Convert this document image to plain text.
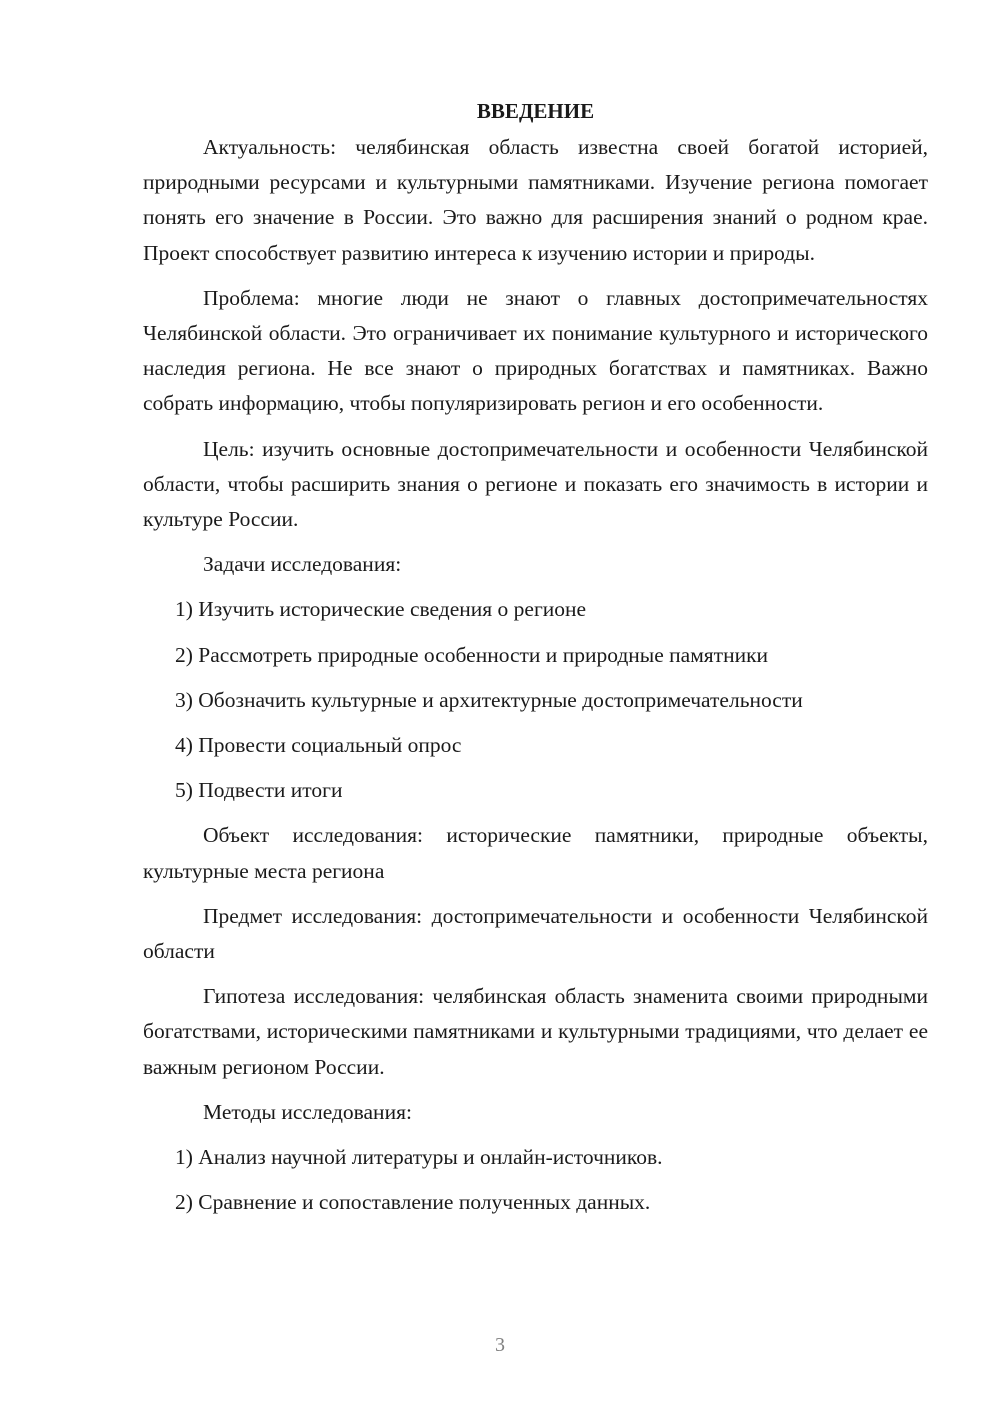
ВВЕДЕНИЕ

Актуальность: челябинская область известна своей богатой историей, природными ресурсами и культурными памятниками. Изучение региона помогает понять его значение в России. Это важно для расширения знаний о родном крае. Проект способствует развитию интереса к изучению истории и природы.

Проблема: многие люди не знают о главных достопримечательностях Челябинской области. Это ограничивает их понимание культурного и исторического наследия региона. Не все знают о природных богатствах и памятниках. Важно собрать информацию, чтобы популяризировать регион и его особенности.

Цель: изучить основные достопримечательности и особенности Челябинской области, чтобы расширить знания о регионе и показать его значимость в истории и культуре России.

Задачи исследования:

1) Изучить исторические сведения о регионе

2) Рассмотреть природные особенности и природные памятники

3) Обозначить культурные и архитектурные достопримечательности

4) Провести социальный опрос

5) Подвести итоги

Объект исследования: исторические памятники, природные объекты, культурные места региона

Предмет исследования: достопримечательности и особенности Челябинской области

Гипотеза исследования: челябинская область знаменита своими природными богатствами, историческими памятниками и культурными традициями, что делает ее важным регионом России.

Методы исследования:

1) Анализ научной литературы и онлайн-источников.

2) Сравнение и сопоставление полученных данных.

3
